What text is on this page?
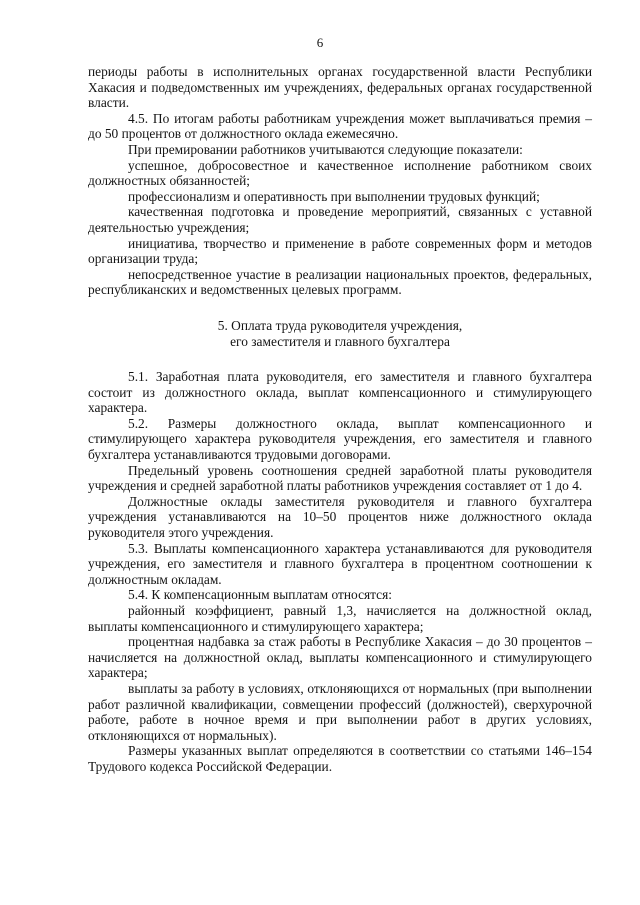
6

периоды работы в исполнительных органах государственной власти Республики Хакасия и подведомственных им учреждениях, федеральных органах государственной власти.

4.5. По итогам работы работникам учреждения может выплачиваться премия – до 50 процентов от должностного оклада ежемесячно.

При премировании работников учитываются следующие показатели:

успешное, добросовестное и качественное исполнение работником своих должностных обязанностей;

профессионализм и оперативность при выполнении трудовых функций;

качественная подготовка и проведение мероприятий, связанных с уставной деятельностью учреждения;

инициатива, творчество и применение в работе современных форм и методов организации труда;

непосредственное участие в реализации национальных проектов, федеральных, республиканских и ведомственных целевых программ.

5. Оплата труда руководителя учреждения,

его заместителя и главного бухгалтера

5.1. Заработная плата руководителя, его заместителя и главного бухгалтера состоит из должностного оклада, выплат компенсационного и стимулирующего характера.

5.2. Размеры должностного оклада, выплат компенсационного и стимулирующего характера руководителя учреждения, его заместителя и главного бухгалтера устанавливаются трудовыми договорами.

Предельный уровень соотношения средней заработной платы руководителя учреждения и средней заработной платы работников учреждения составляет от 1 до 4.

Должностные оклады заместителя руководителя и главного бухгалтера учреждения устанавливаются на 10–50 процентов ниже должностного оклада руководителя этого учреждения.

5.3. Выплаты компенсационного характера устанавливаются для руководителя учреждения, его заместителя и главного бухгалтера в процентном соотношении к должностным окладам.

5.4. К компенсационным выплатам относятся:

районный коэффициент, равный 1,3, начисляется на должностной оклад, выплаты компенсационного и стимулирующего характера;

процентная надбавка за стаж работы в Республике Хакасия – до 30 процентов – начисляется на должностной оклад, выплаты компенсационного и стимулирующего характера;

выплаты за работу в условиях, отклоняющихся от нормальных (при выполнении работ различной квалификации, совмещении профессий (должностей), сверхурочной работе, работе в ночное время и при выполнении работ в других условиях, отклоняющихся от нормальных).

Размеры указанных выплат определяются в соответствии со статьями 146–154 Трудового кодекса Российской Федерации.
